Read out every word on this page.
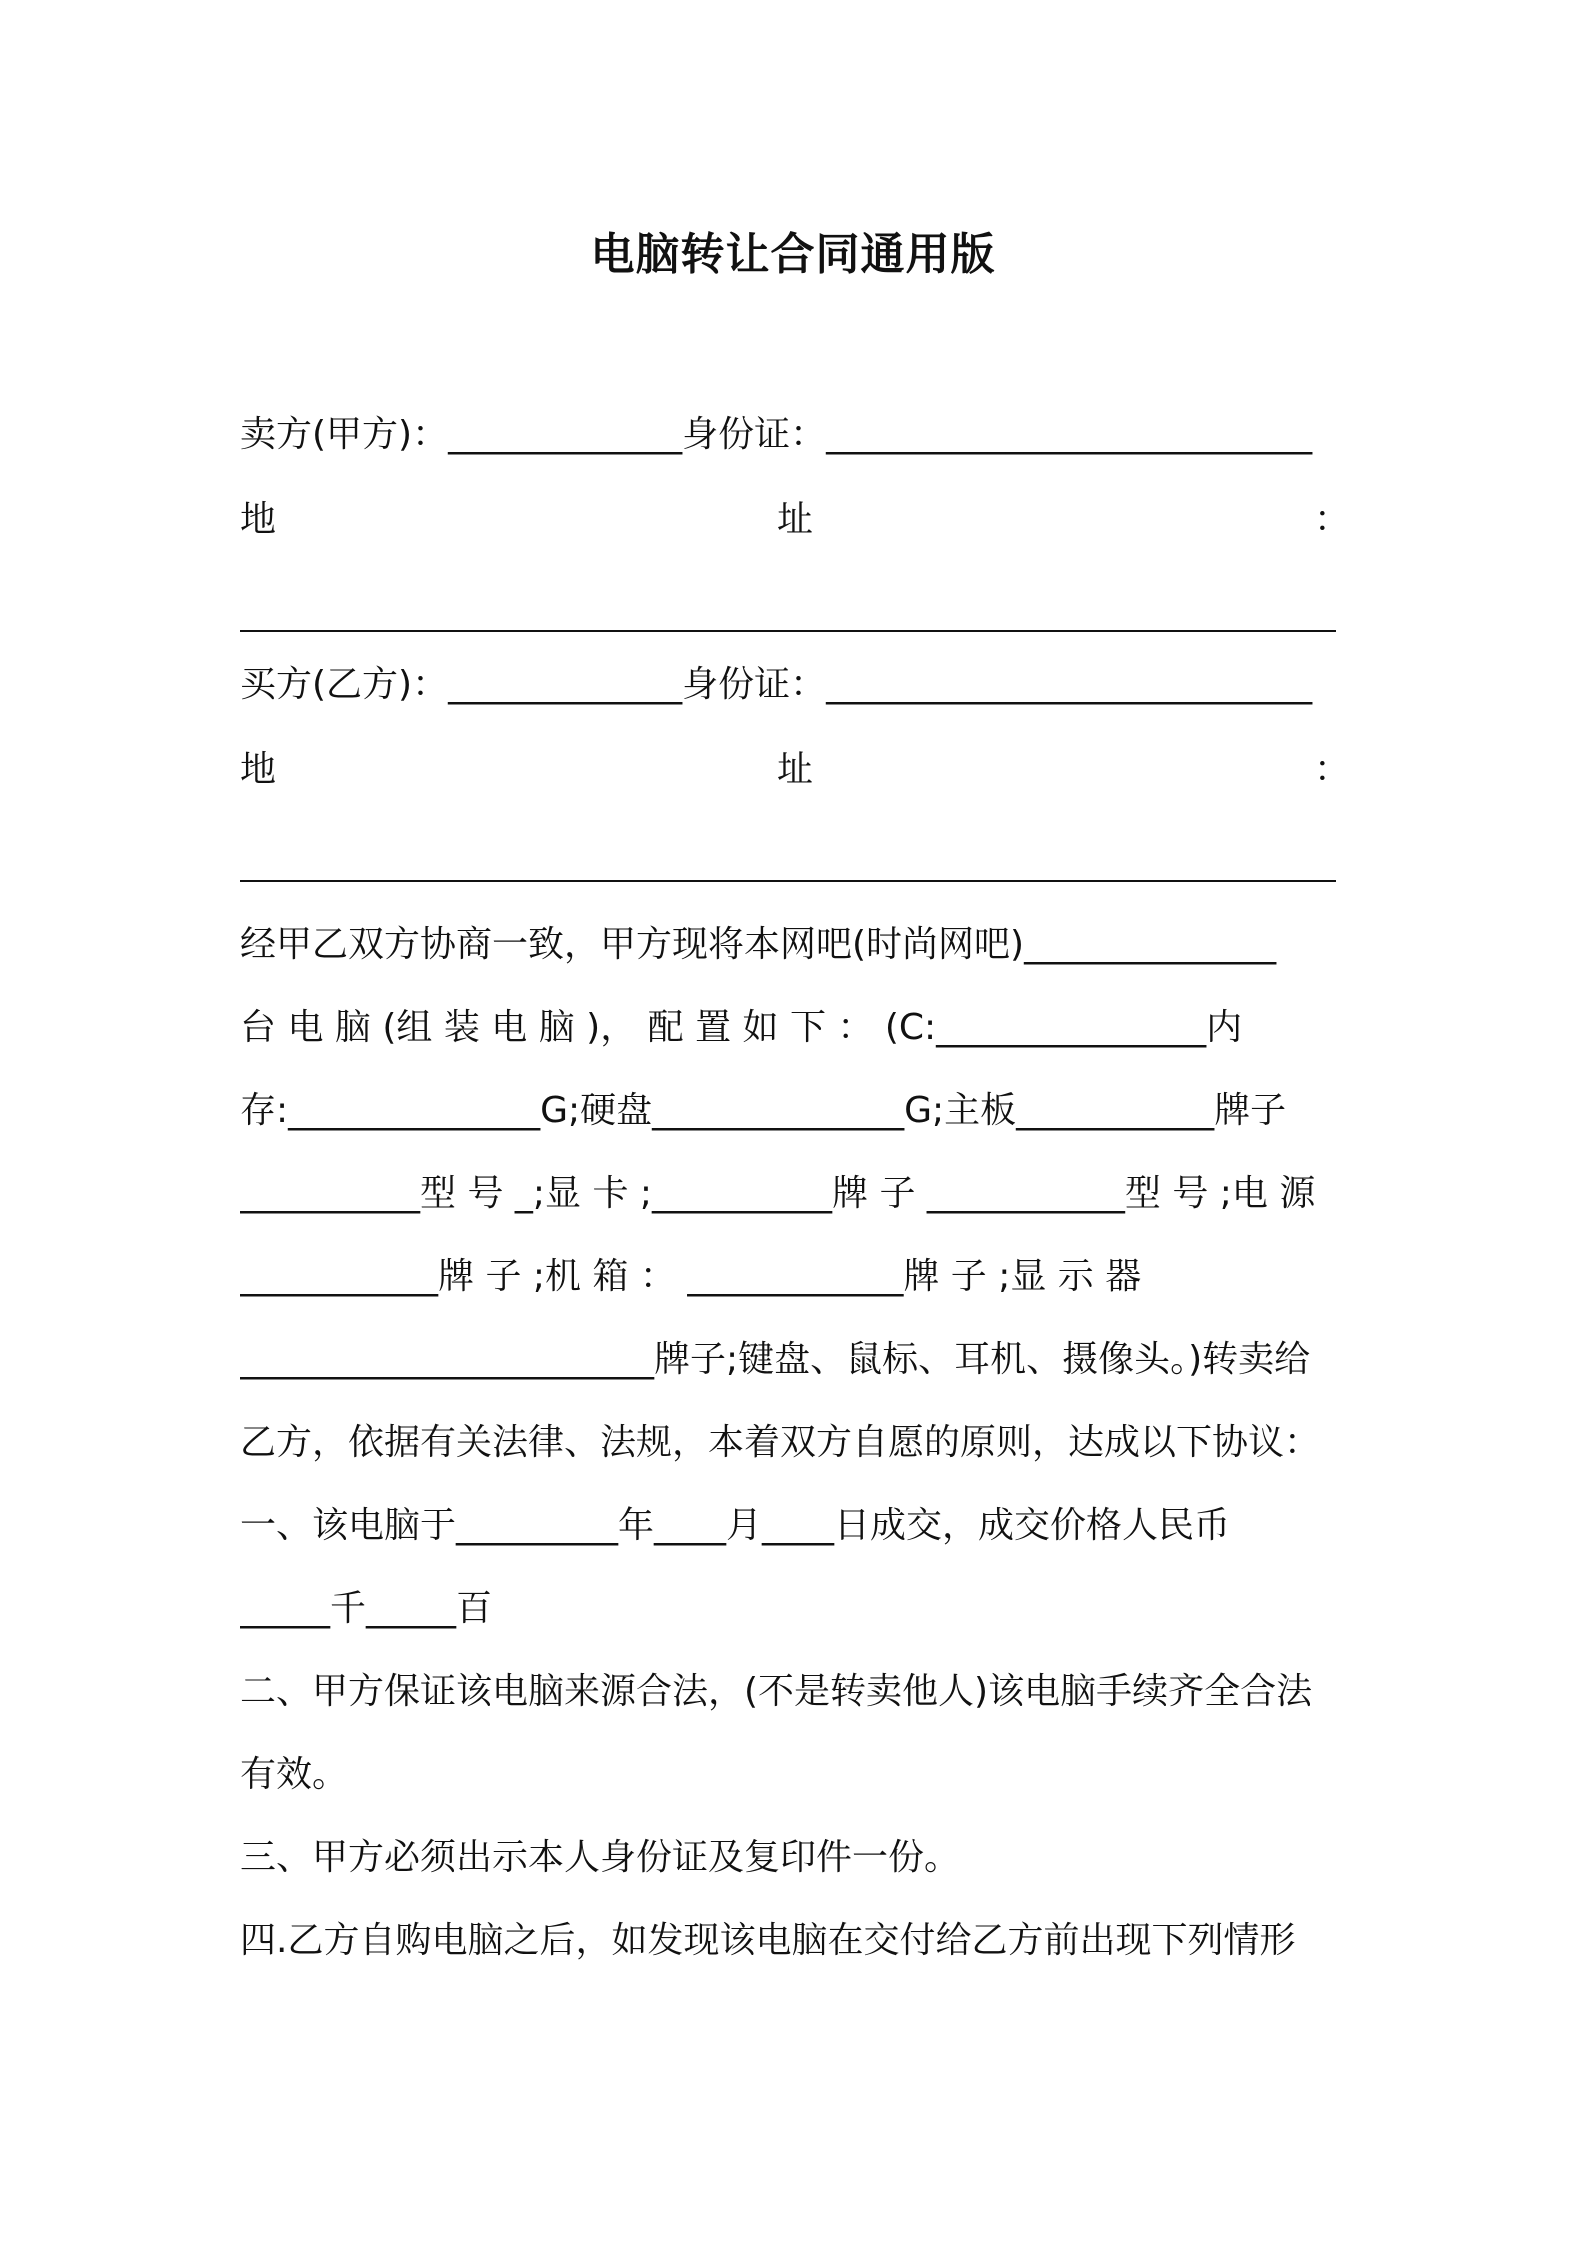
电脑转让合同通用版
卖方(甲方)：_____________身份证：___________________________
地	址	：
买方(乙方)：_____________身份证：___________________________
地	址	：
经甲乙双方协商一致，甲方现将本网吧(时尚网吧)______________
台 电 脑 (组 装 电 脑 )， 配 置 如 下 ： (C:_______________内
存:______________G;硬盘______________G;主板___________牌子
__________型 号 _;显 卡 ;__________牌 子 ___________型 号 ;电 源
___________牌 子 ;机 箱 ： ____________牌 子 ;显 示 器
_______________________牌子;键盘、鼠标、耳机、摄像头。)转卖给
乙方，依据有关法律、法规，本着双方自愿的原则，达成以下协议：
一、该电脑于_________年____月____日成交，成交价格人民币
_____千_____百
二、甲方保证该电脑来源合法，(不是转卖他人)该电脑手续齐全合法
有效。
三、甲方必须出示本人身份证及复印件一份。
四.乙方自购电脑之后，如发现该电脑在交付给乙方前出现下列情形
